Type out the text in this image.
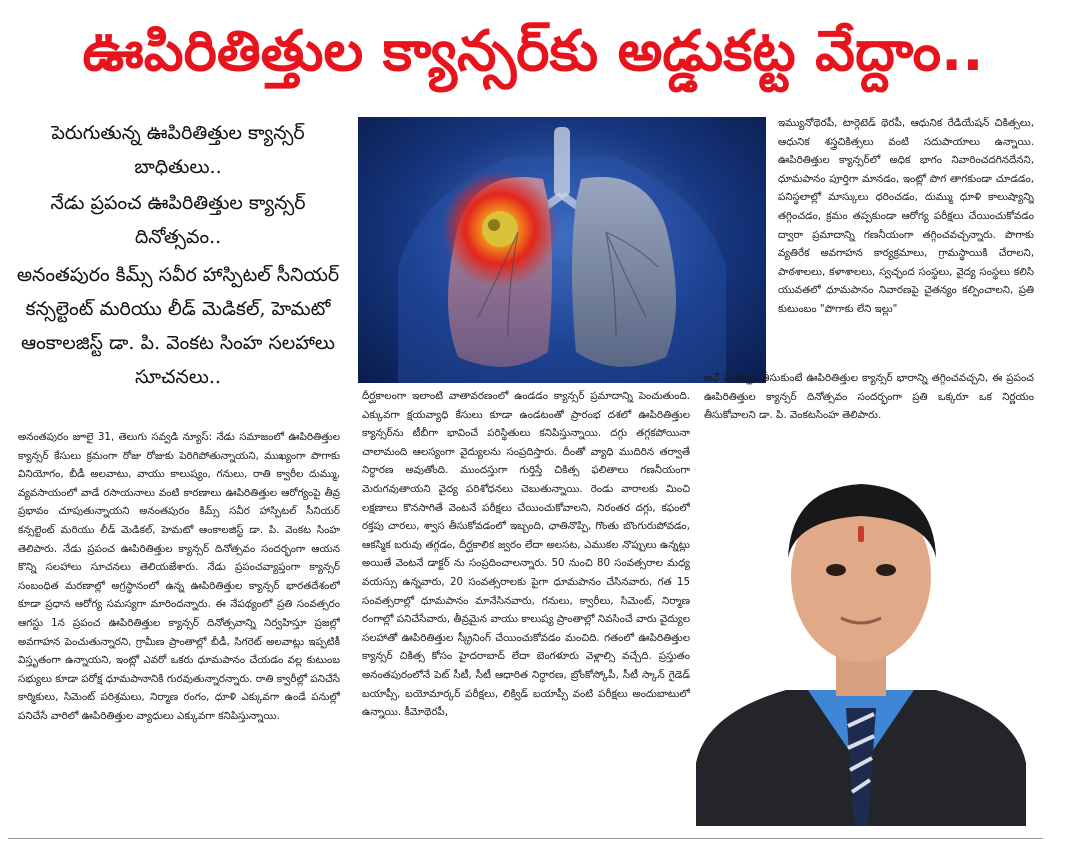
ఊపిరితిత్తుల క్యాన్సర్‌కు అడ్డుకట్ట వేద్దాం..

పెరుగుతున్న ఊపిరితిత్తుల క్యాన్సర్ బాధితులు..

నేడు ప్రపంచ ఊపిరితిత్తుల క్యాన్సర్ దినోత్సవం..

అనంతపురం కిమ్స్ సవీర హాస్పిటల్ సీనియర్ కన్సల్టెంట్ మరియు లీడ్ మెడికల్, హెమటో ఆంకాలజిస్ట్ డా. పి. వెంకట సింహ సలహాలు సూచనలు..

అనంతపురం జూలై 31, తెలుగు సవ్వడి న్యూస్: నేడు సమాజంలో ఊపిరితిత్తుల క్యాన్సర్ కేసులు క్రమంగా రోజు రోజుకు పెరిగిపోతున్నాయని, ముఖ్యంగా పొగాకు వినియోగం, బీడీ అలవాటు, వాయు కాలుష్యం, గనులు, రాతి క్వారీల దుమ్ము, వ్యవసాయంలో వాడే రసాయనాలు వంటి కారణాలు ఊపిరితిత్తుల ఆరోగ్యంపై తీవ్ర ప్రభావం చూపుతున్నాయని అనంతపురం కిమ్స్ సవీర హాస్పిటల్ సీనియర్ కన్సల్టెంట్ మరియు లీడ్ మెడికల్, హెమటో ఆంకాలజిస్ట్ డా. పి. వెంకట సింహ తెలిపారు. నేడు ప్రపంచ ఊపిరితిత్తుల క్యాన్సర్ దినోత్సవం సందర్భంగా ఆయన కొన్ని సలహాలు సూచనలు తెలియజేశారు. నేడు ప్రపంచవ్యాప్తంగా క్యాన్సర్ సంబంధిత మరణాల్లో అగ్రస్థానంలో ఉన్న ఊపిరితిత్తుల క్యాన్సర్ భారతదేశంలో కూడా ప్రధాన ఆరోగ్య సమస్యగా మారిందన్నారు. ఈ నేపథ్యంలో ప్రతి సంవత్సరం ఆగస్టు 1న ప్రపంచ ఊపిరితిత్తుల క్యాన్సర్ దినోత్సవాన్ని నిర్వహిస్తూ ప్రజల్లో అవగాహన పెంచుతున్నారని, గ్రామీణ ప్రాంతాల్లో బీడీ, సిగరెట్ అలవాట్లు ఇప్పటికీ విస్తృతంగా ఉన్నాయని, ఇంట్లో ఎవరో ఒకరు ధూమపానం చేయడం వల్ల కుటుంబ సభ్యులు కూడా పరోక్ష ధూమపానానికి గురవుతున్నారన్నారు. రాతి క్వారీల్లో పనిచేసే కార్మికులు, సిమెంట్ పరిశ్రమలు, నిర్మాణ రంగం, ధూళి ఎక్కువగా ఉండే పనుల్లో పనిచేసే వారిలో ఊపిరితిత్తుల వ్యాధులు ఎక్కువగా కనిపిస్తున్నాయి.

దీర్ఘకాలంగా ఇలాంటి వాతావరణంలో ఉండడం క్యాన్సర్ ప్రమాదాన్ని పెంచుతుంది. ఎక్కువగా క్షయవ్యాధి కేసులు కూడా ఉండటంతో ప్రారంభ దశలో ఊపిరితిత్తుల క్యాన్సర్‌ను టీబీగా భావించే పరిస్థితులు కనిపిస్తున్నాయి. దగ్గు తగ్గకపోయినా చాలామంది ఆలస్యంగా వైద్యులను సంప్రదిస్తారు. దీంతో వ్యాధి ముదిరిన తర్వాతే నిర్ధారణ అవుతోంది. ముందస్తుగా గుర్తిస్తే చికిత్స ఫలితాలు గణనీయంగా మెరుగవుతాయని వైద్య పరిశోధనలు చెబుతున్నాయి. రెండు వారాలకు మించి లక్షణాలు కొనసాగితే వెంటనే పరీక్షలు చేయించుకోవాలని, నిరంతర దగ్గు, కఫంలో రక్తపు చారలు, శ్వాస తీసుకోవడంలో ఇబ్బంది, ఛాతినొప్పి, గొంతు బొంగురుపోవడం, ఆకస్మిక బరువు తగ్గడం, దీర్ఘకాలిక జ్వరం లేదా అలసట, ఎముకల నొప్పులు ఉన్నట్లు అయితే వెంటనే డాక్టర్ ను సంప్రదించాలన్నారు. 50 నుంచి 80 సంవత్సరాల మధ్య వయస్సు ఉన్నవారు, 20 సంవత్సరాలకు పైగా ధూమపానం చేసినవారు, గత 15 సంవత్సరాల్లో ధూమపానం మానేసినవారు, గనులు, క్వారీలు, సిమెంట్, నిర్మాణ రంగాల్లో పనిచేసేవారు, తీవ్రమైన వాయు కాలుష్య ప్రాంతాల్లో నివసించే వారు వైద్యుల సలహాతో ఊపిరితిత్తుల స్క్రీనింగ్ చేయించుకోవడం మంచిది. గతంలో ఊపిరితిత్తుల క్యాన్సర్ చికిత్స కోసం హైదరాబాద్ లేదా బెంగళూరు వెళ్లాల్సి వచ్చేది. ప్రస్తుతం అనంతపురంలోనే పెట్ సీటీ, సీటీ ఆధారిత నిర్ధారణ, బ్రోంకోస్కోపీ, సీటీ స్కాన్ గైడెడ్ బయాప్సీ, బయోమార్కర్ పరీక్షలు, లిక్విడ్ బయాప్సీ వంటి పరీక్షలు అందుబాటులో ఉన్నాయి. కీమోథెరపీ,

ఇమ్యునోథెరపీ, టార్గెటెడ్ థెరపీ, ఆధునిక రేడియేషన్ చికిత్సలు, ఆధునిక శస్త్రచికిత్సలు వంటి సదుపాయాలు ఉన్నాయి. ఊపిరితిత్తుల క్యాన్సర్‌లో అధిక భాగం నివారించదగినదేనని, ధూమపానం పూర్తిగా మానడం, ఇంట్లో పొగ తాగకుండా చూడడం, పనిస్థలాల్లో మాస్కులు ధరించడం, దుమ్ము ధూళి కాలుష్యాన్ని తగ్గించడం, క్రమం తప్పకుండా ఆరోగ్య పరీక్షలు చేయించుకోవడం ద్వారా ప్రమాదాన్ని గణనీయంగా తగ్గించవచ్చన్నారు. పొగాకు వ్యతిరేక అవగాహన కార్యక్రమాలు, గ్రామస్థాయికి చేరాలని, పాఠశాలలు, కళాశాలలు, స్వచ్ఛంద సంస్థలు, వైద్య సంస్థలు కలిసి యువతలో ధూమపానం నివారణపై చైతన్యం కల్పించాలని, ప్రతి కుటుంబం "పొగాకు లేని ఇల్లు"

అనే సంకల్పం తీసుకుంటే ఊపిరితిత్తుల క్యాన్సర్ భారాన్ని తగ్గించవచ్చని, ఈ ప్రపంచ ఊపిరితిత్తుల క్యాన్సర్ దినోత్సవం సందర్భంగా ప్రతి ఒక్కరూ ఒక నిర్ణయం తీసుకోవాలని డా. పి. వెంకటసింహ తెలిపారు.
